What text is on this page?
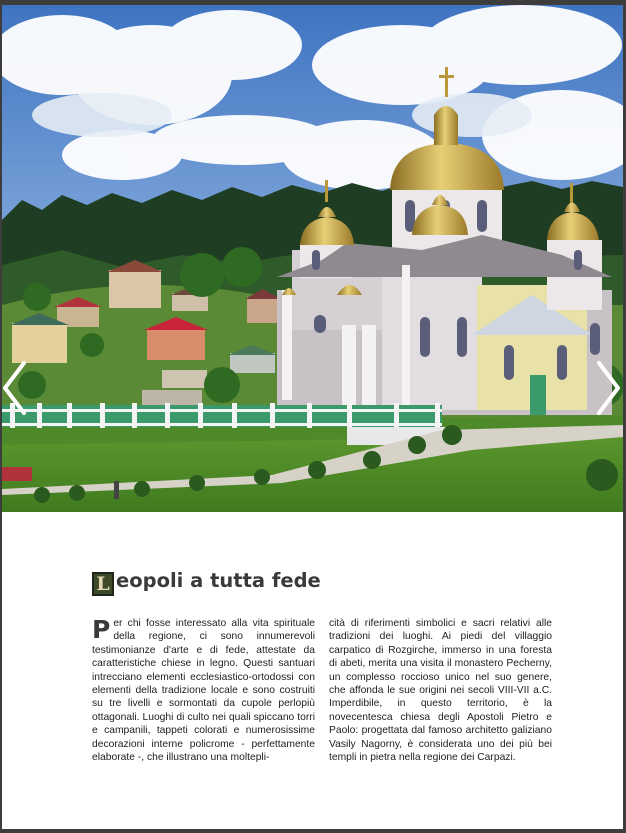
L eopoli a tutta fede
Per chi fosse interessato alla vita spirituale della regione, ci sono innumerevoli testimonianze d'arte e di fede, attestate da caratteristiche chiese in legno. Questi santuari intrecciano elementi ecclesiastico-ortodossi con elementi della tradizione locale e sono costruiti su tre livelli e sormontati da cupole perlopiù ottagonali. Luoghi di culto nei quali spiccano torri e campanili, tappeti colorati e numerosissime decorazioni interne policrome - perfettamente elaborate -, che illustrano una moltepli-
cità di riferimenti simbolici e sacri relativi alle tradizioni dei luoghi. Ai piedi del villaggio carpatico di Rozgirche, immerso in una foresta di abeti, merita una visita il monastero Pecherny, un complesso roccioso unico nel suo genere, che affonda le sue origini nei secoli VIII-VII a.C. Imperdibile, in questo territorio, è la novecentesca chiesa degli Apostoli Pietro e Paolo: progettata dal famoso architetto galiziano Vasily Nagorny, è considerata uno dei più bei templi in pietra nella regione dei Carpazi.
